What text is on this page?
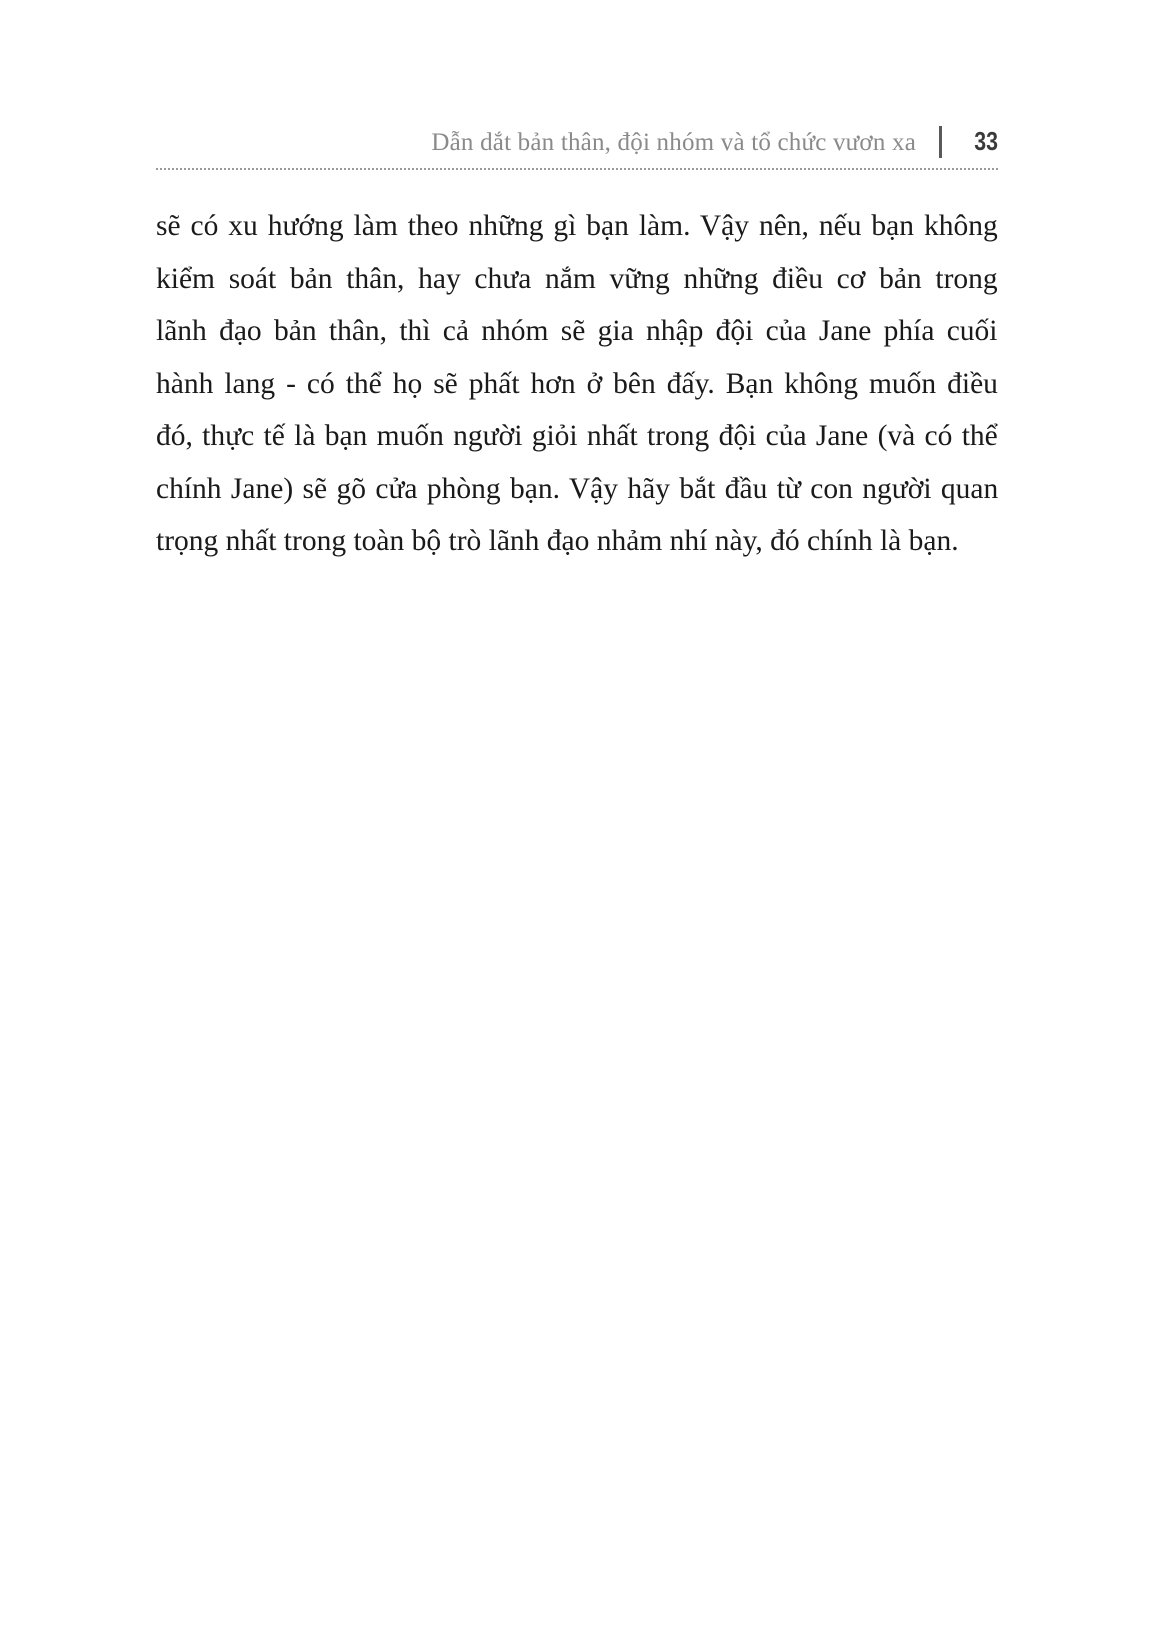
Dẫn dắt bản thân, đội nhóm và tổ chức vươn xa 33
sẽ có xu hướng làm theo những gì bạn làm. Vậy nên, nếu bạn không
kiểm soát bản thân, hay chưa nắm vững những điều cơ bản trong
lãnh đạo bản thân, thì cả nhóm sẽ gia nhập đội của Jane phía cuối
hành lang - có thể họ sẽ phất hơn ở bên đấy. Bạn không muốn điều
đó, thực tế là bạn muốn người giỏi nhất trong đội của Jane (và có thể
chính Jane) sẽ gõ cửa phòng bạn. Vậy hãy bắt đầu từ con người quan
trọng nhất trong toàn bộ trò lãnh đạo nhảm nhí này, đó chính là bạn.
